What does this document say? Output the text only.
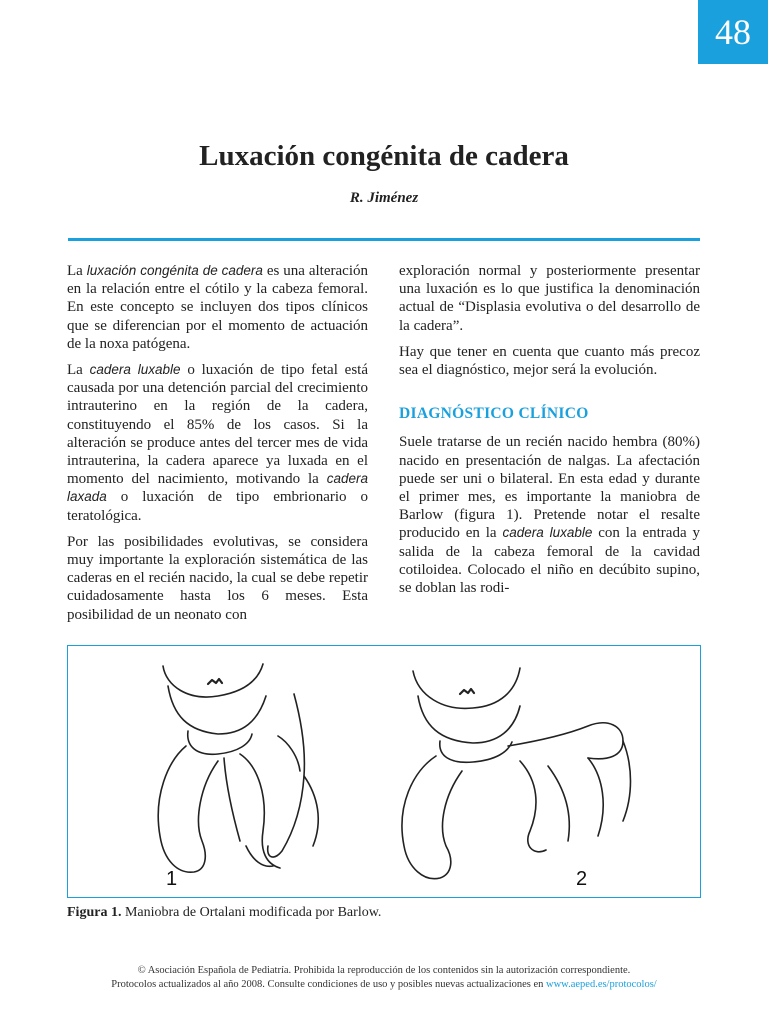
48
Luxación congénita de cadera
R. Jiménez

La luxación congénita de cadera es una alteración en la relación entre el cótilo y la cabeza femoral. En este concepto se incluyen dos tipos clínicos que se diferencian por el momento de actuación de la noxa patógena.

La cadera luxable o luxación de tipo fetal está causada por una detención parcial del crecimiento intrauterino en la región de la cadera, constituyendo el 85% de los casos. Si la alteración se produce antes del tercer mes de vida intrauterina, la cadera aparece ya luxada en el momento del nacimiento, motivando la cadera laxada o luxación de tipo embrionario o teratológica.

Por las posibilidades evolutivas, se considera muy importante la exploración sistemática de las caderas en el recién nacido, la cual se debe repetir cuidadosamente hasta los 6 meses. Esta posibilidad de un neonato con

exploración normal y posteriormente presentar una luxación es lo que justifica la denominación actual de “Displasia evolutiva o del desarrollo de la cadera”.

Hay que tener en cuenta que cuanto más precoz sea el diagnóstico, mejor será la evolución.

DIAGNÓSTICO CLÍNICO

Suele tratarse de un recién nacido hembra (80%) nacido en presentación de nalgas. La afectación puede ser uni o bilateral. En esta edad y durante el primer mes, es importante la maniobra de Barlow (figura 1). Pretende notar el resalte producido en la cadera luxable con la entrada y salida de la cabeza femoral de la cavidad cotiloidea. Colocado el niño en decúbito supino, se doblan las rodi-

1	2
Figura 1. Maniobra de Ortalani modificada por Barlow.
© Asociación Española de Pediatría. Prohibida la reproducción de los contenidos sin la autorización correspondiente.
Protocolos actualizados al año 2008. Consulte condiciones de uso y posibles nuevas actualizaciones en www.aeped.es/protocolos/
